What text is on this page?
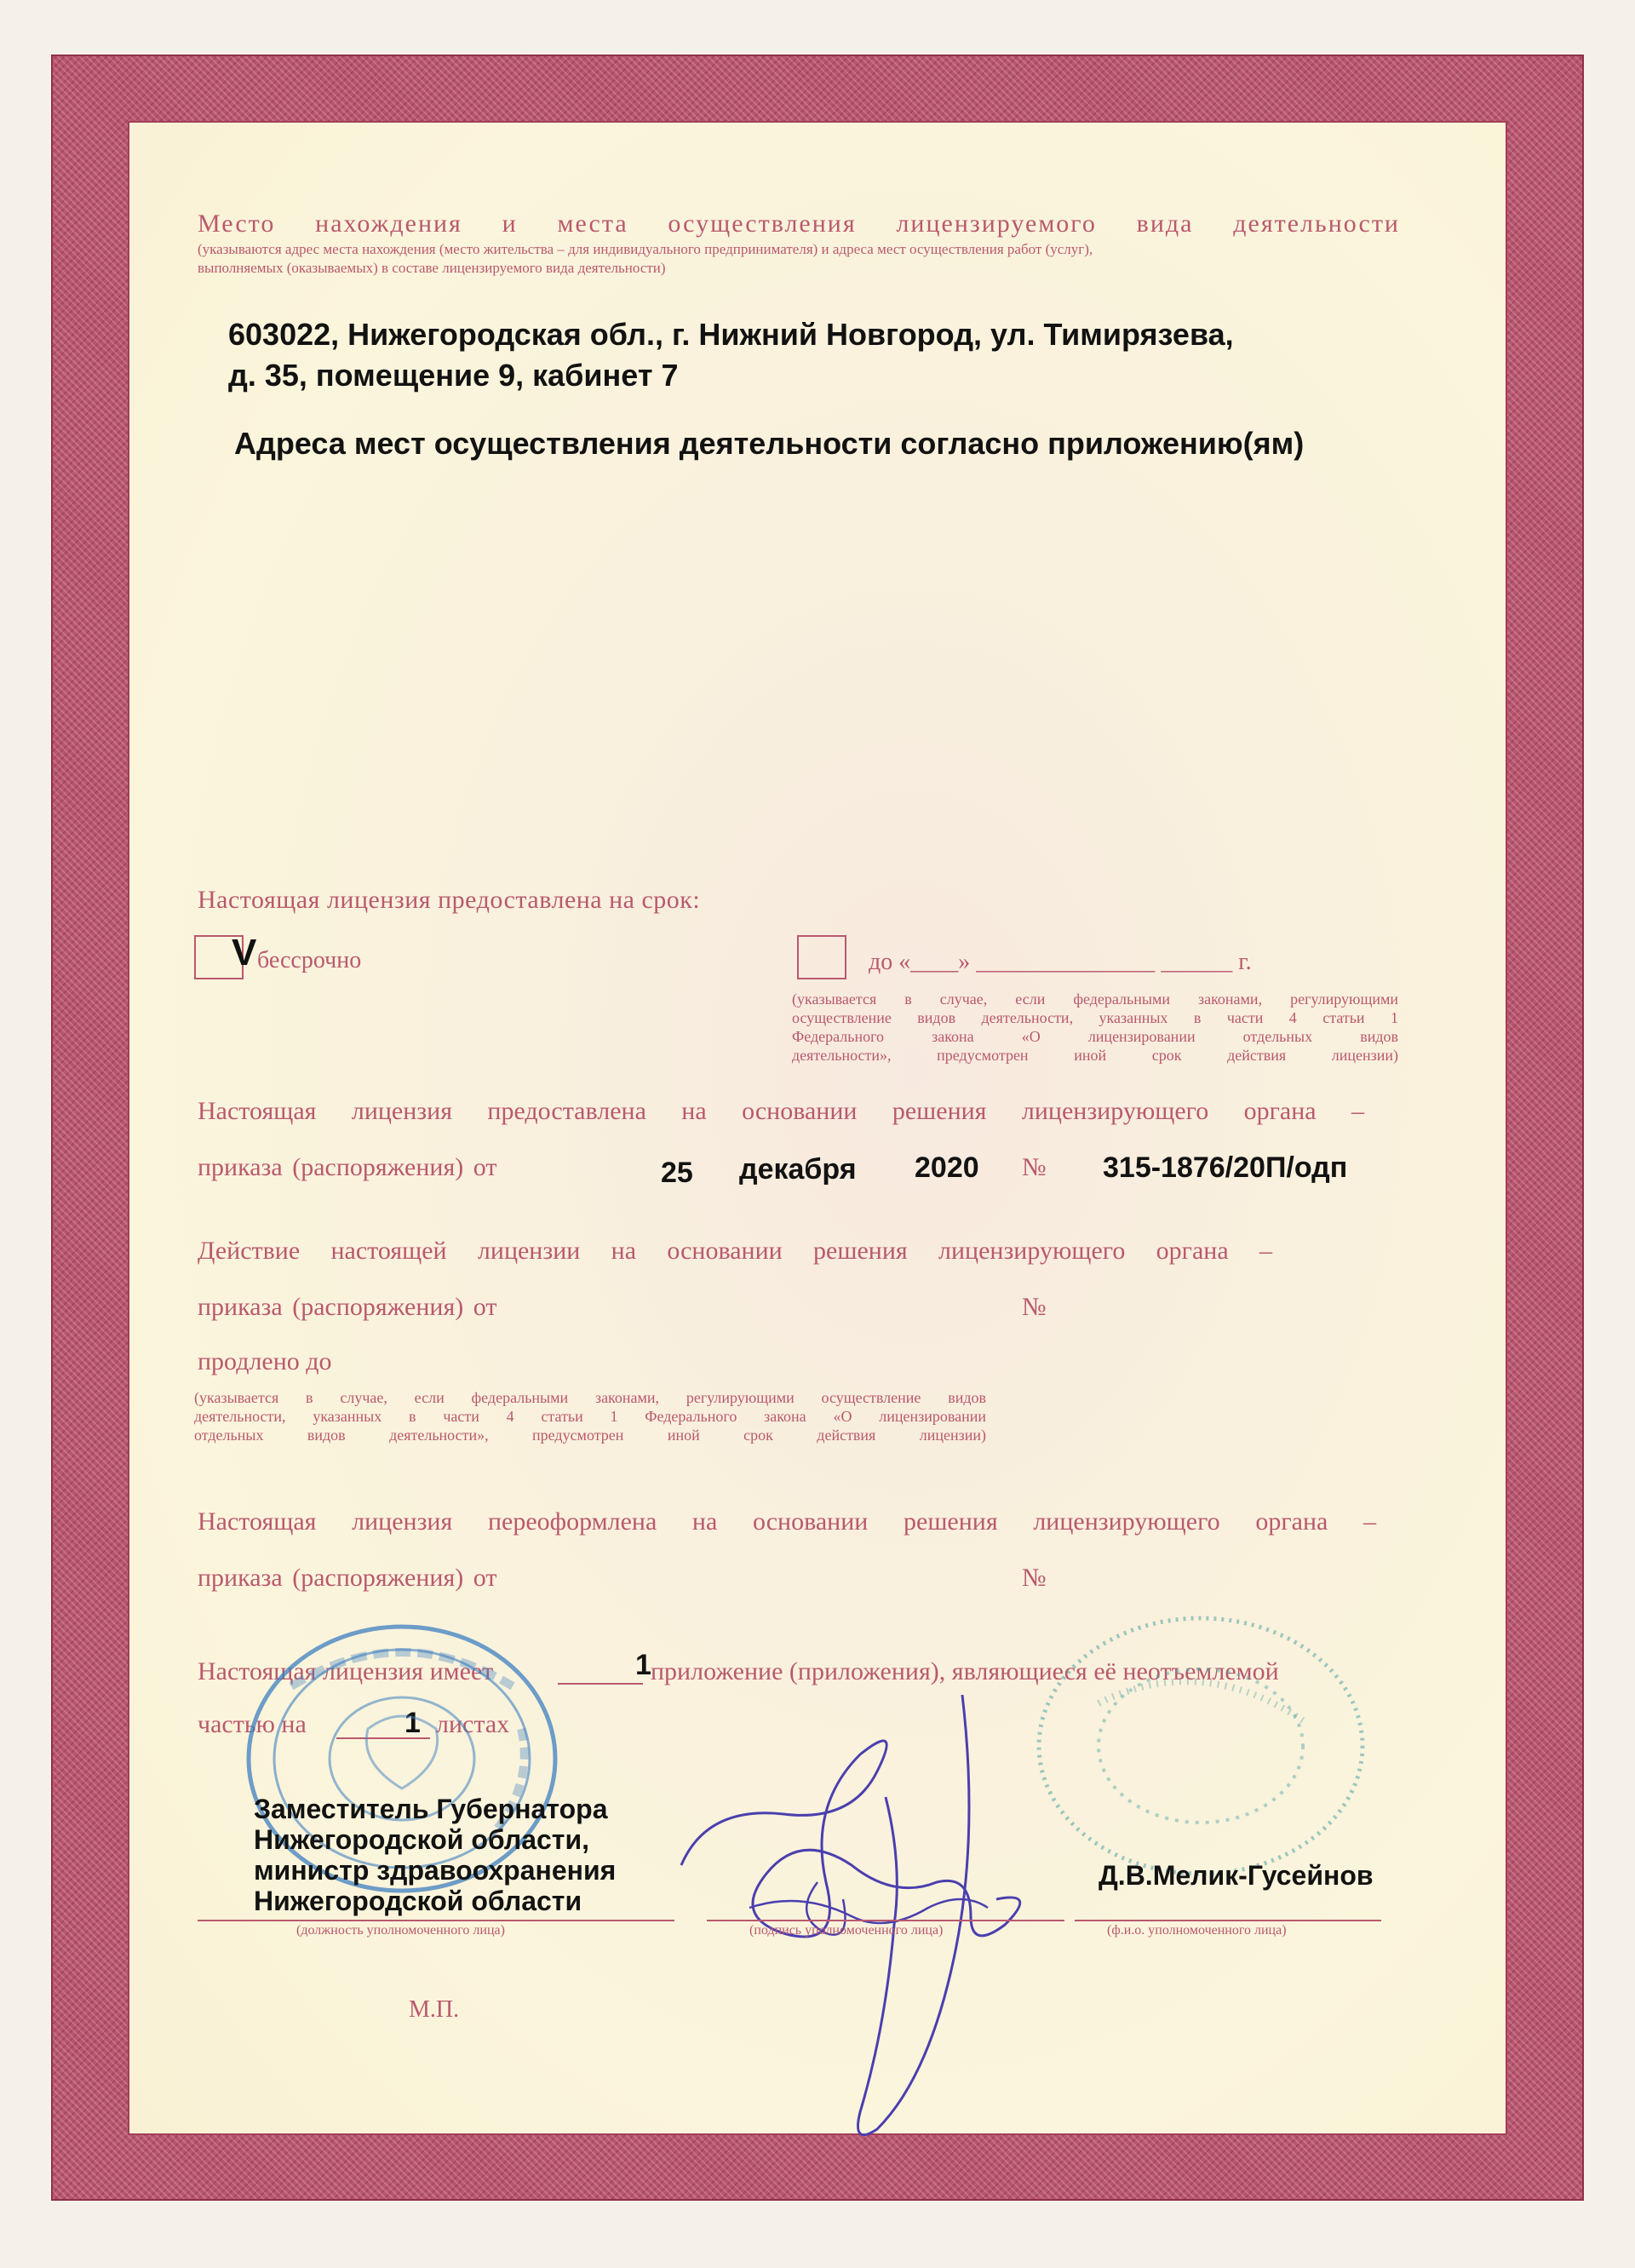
Место нахождения и места осуществления лицензируемого вида деятельности
(указываются адрес места нахождения (место жительства – для индивидуального предпринимателя) и адреса мест осуществления работ (услуг),
выполняемых (оказываемых) в составе лицензируемого вида деятельности)
603022, Нижегородская обл., г. Нижний Новгород, ул. Тимирязева,
д. 35, помещение 9, кабинет 7
Адреса мест осуществления деятельности согласно приложению(ям)
Настоящая лицензия предоставлена на срок:
V бессрочно	до «____» _______________ ______ г.
(указывается в случае, если федеральными законами, регулирующими
осуществление видов деятельности, указанных в части 4 статьи 1
Федерального закона «О лицензировании отдельных видов
деятельности», предусмотрен иной срок действия лицензии)
Настоящая лицензия предоставлена на основании решения лицензирующего органа –
приказа (распоряжения) от	25 декабря 2020 № 315-1876/20П/одп
Действие настоящей лицензии на основании решения лицензирующего органа –
приказа (распоряжения) от	№
продлено до
(указывается в случае, если федеральными законами, регулирующими осуществление видов
деятельности, указанных в части 4 статьи 1 Федерального закона «О лицензировании
отдельных видов деятельности», предусмотрен иной срок действия лицензии)
Настоящая лицензия переоформлена на основании решения лицензирующего органа –
приказа (распоряжения) от	№
Настоящая лицензия имеет	1 приложение (приложения), являющиеся её неотъемлемой
частью на	1 листах
Заместитель Губернатора
Нижегородской области,
министр здравоохранения
Нижегородской области
Д.В.Мелик-Гусейнов
(должность уполномоченного лица)	(подпись уполномоченного лица)	(ф.и.о. уполномоченного лица)
М.П.
